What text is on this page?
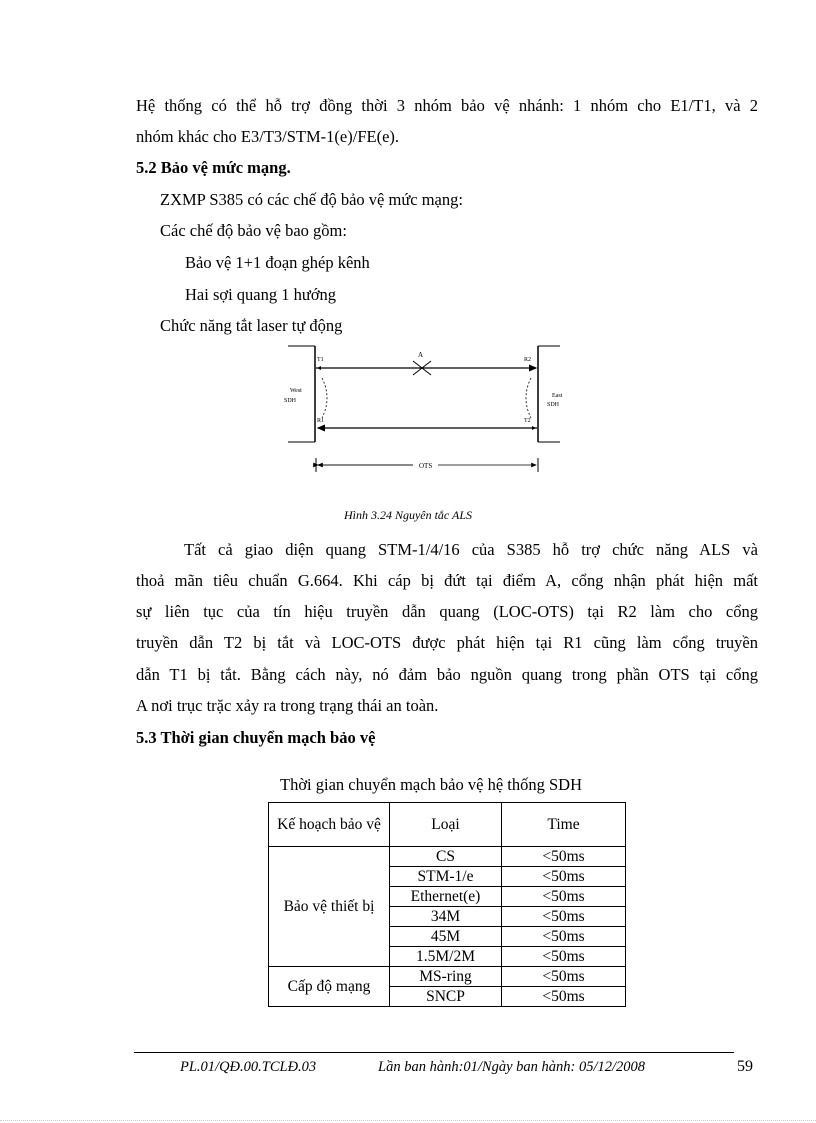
Hệ thống có thể hỗ trợ đồng thời 3 nhóm bảo vệ nhánh: 1 nhóm cho E1/T1, và 2
nhóm khác cho E3/T3/STM-1(e)/FE(e).
5.2 Bảo vệ mức mạng.
ZXMP S385 có các chế độ bảo vệ mức mạng:
Các chế độ bảo vệ bao gồm:
Bảo vệ 1+1 đoạn ghép kênh
Hai sợi quang 1 hướng
Chức năng tắt laser tự động
A
T1
R1
R2
T2
West
SDH
East
SDH
OTS
Hình 3.24 Nguyên tắc ALS
Tất cả giao diện quang STM-1/4/16 của S385 hỗ trợ chức năng ALS và
thoả mãn tiêu chuẩn G.664. Khi cáp bị đứt tại điểm A, cổng nhận phát hiện mất
sự liên tục của tín hiệu truyền dẫn quang (LOC-OTS) tại R2 làm cho cổng
truyền dẫn T2 bị tắt và LOC-OTS được phát hiện tại R1 cũng làm cổng truyền
dẫn T1 bị tắt. Bằng cách này, nó đảm bảo nguồn quang trong phần OTS tại cổng
A nơi trục trặc xảy ra trong trạng thái an toàn.
5.3 Thời gian chuyển mạch bảo vệ
Thời gian chuyển mạch bảo vệ hệ thống SDH
Kế hoạch bảo vệ	Loại	Time
Bảo vệ thiết bị	CS	<50ms
	STM-1/e	<50ms
	Ethernet(e)	<50ms
	34M	<50ms
	45M	<50ms
	1.5M/2M	<50ms
Cấp độ mạng	MS-ring	<50ms
	SNCP	<50ms
PL.01/QĐ.00.TCLĐ.03	Lần ban hành:01/Ngày ban hành: 05/12/2008	59
